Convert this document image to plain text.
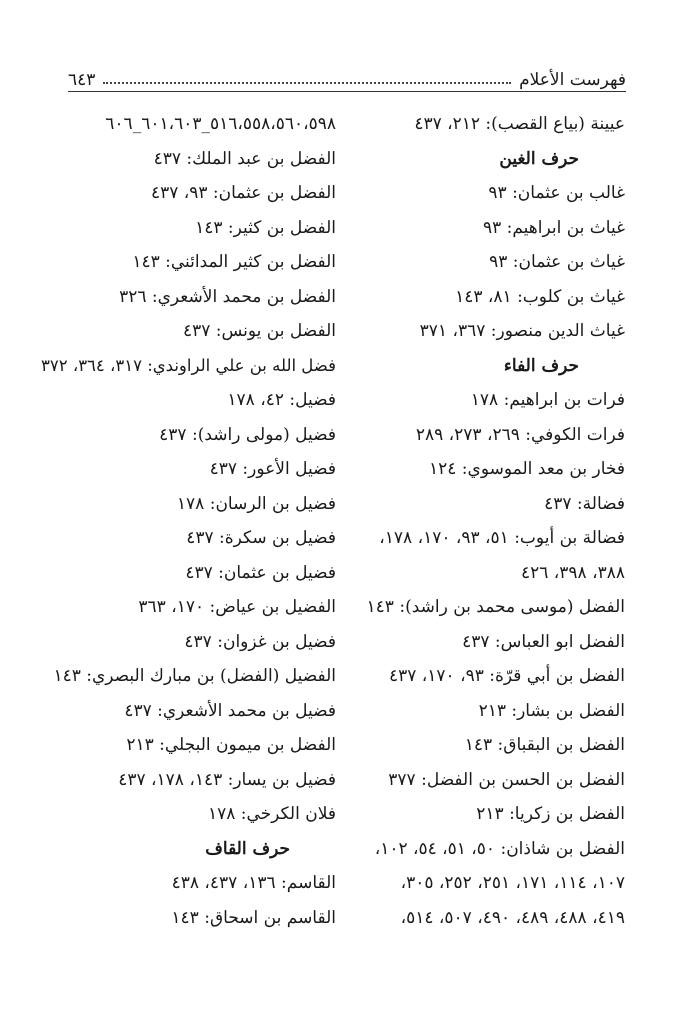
فهرست الأعلام
٦٤٣
عيينة (بياع القصب): ٢١٢، ٤٣٧
حرف الغين
غالب بن عثمان: ٩٣
غياث بن ابراهيم: ٩٣
غياث بن عثمان: ٩٣
غياث بن كلوب: ٨١، ١٤٣
غياث الدين منصور: ٣٦٧، ٣٧١
حرف الفاء
فرات بن ابراهيم: ١٧٨
فرات الكوفي: ٢٦٩، ٢٧٣، ٢٨٩
فخار بن معد الموسوي: ١٢٤
فضالة: ٤٣٧
فضالة بن أيوب: ٥١، ٩٣، ١٧٠، ١٧٨،
٣٨٨، ٣٩٨، ٤٢٦
الفضل (موسى محمد بن راشد): ١٤٣
الفضل ابو العباس: ٤٣٧
الفضل بن أبي قرّة: ٩٣، ١٧٠، ٤٣٧
الفضل بن بشار: ٢١٣
الفضل بن البقباق: ١٤٣
الفضل بن الحسن بن الفضل: ٣٧٧
الفضل بن زكريا: ٢١٣
الفضل بن شاذان: ٥٠، ٥١، ٥٤، ١٠٢،
١٠٧، ١١٤، ١٧١، ٢٥١، ٢٥٢، ٣٠٥،
٤١٩، ٤٨٨، ٤٨٩، ٤٩٠، ٥٠٧، ٥١٤،
٥١٦،٥٥٨،٥٦٠،٥٩٨_٦٠١،٦٠٣_٦٠٦
الفضل بن عبد الملك: ٤٣٧
الفضل بن عثمان: ٩٣، ٤٣٧
الفضل بن كثير: ١٤٣
الفضل بن كثير المدائني: ١٤٣
الفضل بن محمد الأشعري: ٣٢٦
الفضل بن يونس: ٤٣٧
فضل الله بن علي الراوندي: ٣١٧، ٣٦٤، ٣٧٢
فضيل: ٤٢، ١٧٨
فضيل (مولى راشد): ٤٣٧
فضيل الأعور: ٤٣٧
فضيل بن الرسان: ١٧٨
فضيل بن سكرة: ٤٣٧
فضيل بن عثمان: ٤٣٧
الفضيل بن عياض: ١٧٠، ٣٦٣
فضيل بن غزوان: ٤٣٧
الفضيل (الفضل) بن مبارك البصري: ١٤٣
فضيل بن محمد الأشعري: ٤٣٧
الفضل بن ميمون البجلي: ٢١٣
فضيل بن يسار: ١٤٣، ١٧٨، ٤٣٧
فلان الكرخي: ١٧٨
حرف القاف
القاسم: ١٣٦، ٤٣٧، ٤٣٨
القاسم بن اسحاق: ١٤٣
